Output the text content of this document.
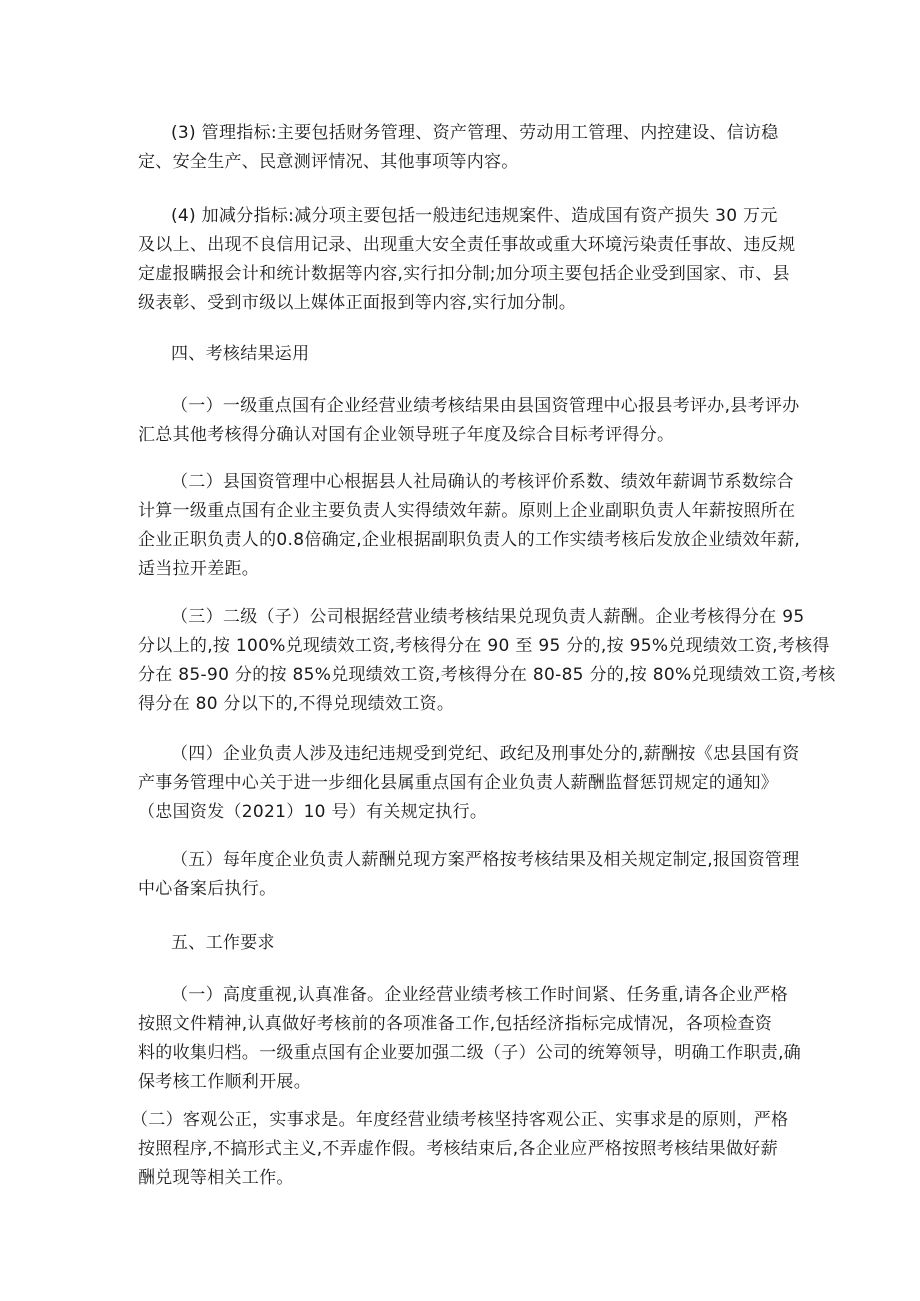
(3) 管理指标:主要包括财务管理、资产管理、劳动用工管理、内控建设、信访稳
定、安全生产、民意测评情况、其他事项等内容。

(4) 加减分指标:减分项主要包括一般违纪违规案件、造成国有资产损失 30 万元
及以上、出现不良信用记录、出现重大安全责任事故或重大环境污染责任事故、违反规
定虚报瞒报会计和统计数据等内容,实行扣分制;加分项主要包括企业受到国家、市、县
级表彰、受到市级以上媒体正面报到等内容,实行加分制。

四、考核结果运用

（一）一级重点国有企业经营业绩考核结果由县国资管理中心报县考评办,县考评办
汇总其他考核得分确认对国有企业领导班子年度及综合目标考评得分。

（二）县国资管理中心根据县人社局确认的考核评价系数、绩效年薪调节系数综合
计算一级重点国有企业主要负责人实得绩效年薪。原则上企业副职负责人年薪按照所在
企业正职负责人的0.8倍确定,企业根据副职负责人的工作实绩考核后发放企业绩效年薪,
适当拉开差距。

（三）二级（子）公司根据经营业绩考核结果兑现负责人薪酬。企业考核得分在 95
分以上的,按 100%兑现绩效工资,考核得分在 90 至 95 分的,按 95%兑现绩效工资,考核得
分在 85-90 分的按 85%兑现绩效工资,考核得分在 80-85 分的,按 80%兑现绩效工资,考核
得分在 80 分以下的,不得兑现绩效工资。

（四）企业负责人涉及违纪违规受到党纪、政纪及刑事处分的,薪酬按《忠县国有资
产事务管理中心关于进一步细化县属重点国有企业负责人薪酬监督惩罚规定的通知》
（忠国资发（2021）10 号）有关规定执行。

（五）每年度企业负责人薪酬兑现方案严格按考核结果及相关规定制定,报国资管理
中心备案后执行。

五、工作要求

（一）高度重视,认真准备。企业经营业绩考核工作时间紧、任务重,请各企业严格
按照文件精神,认真做好考核前的各项准备工作,包括经济指标完成情况，各项检查资
料的收集归档。一级重点国有企业要加强二级（子）公司的统筹领导，明确工作职责,确
保考核工作顺利开展。

（二）客观公正，实事求是。年度经营业绩考核坚持客观公正、实事求是的原则，严格
按照程序,不搞形式主义,不弄虚作假。考核结束后,各企业应严格按照考核结果做好薪
酬兑现等相关工作。
